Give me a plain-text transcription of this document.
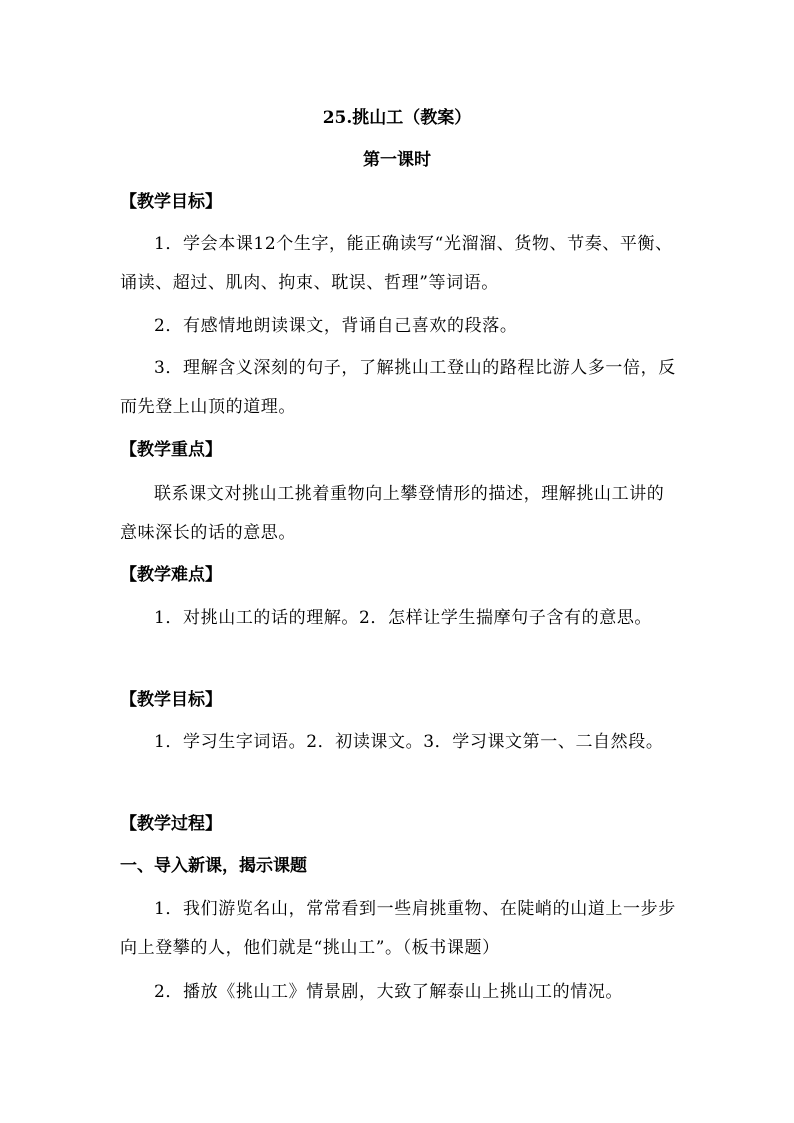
25.挑山工（教案）
第一课时
【教学目标】
1．学会本课12个生字，能正确读写“光溜溜、货物、节奏、平衡、诵读、超过、肌肉、拘束、耽误、哲理”等词语。
2．有感情地朗读课文，背诵自己喜欢的段落。
3．理解含义深刻的句子，了解挑山工登山的路程比游人多一倍，反而先登上山顶的道理。
【教学重点】
联系课文对挑山工挑着重物向上攀登情形的描述，理解挑山工讲的意味深长的话的意思。
【教学难点】
1．对挑山工的话的理解。2．怎样让学生揣摩句子含有的意思。
【教学目标】
1．学习生字词语。2．初读课文。3．学习课文第一、二自然段。
【教学过程】
一、导入新课，揭示课题
1．我们游览名山，常常看到一些肩挑重物、在陡峭的山道上一步步向上登攀的人，他们就是“挑山工”。（板书课题）
2．播放《挑山工》情景剧，大致了解泰山上挑山工的情况。
